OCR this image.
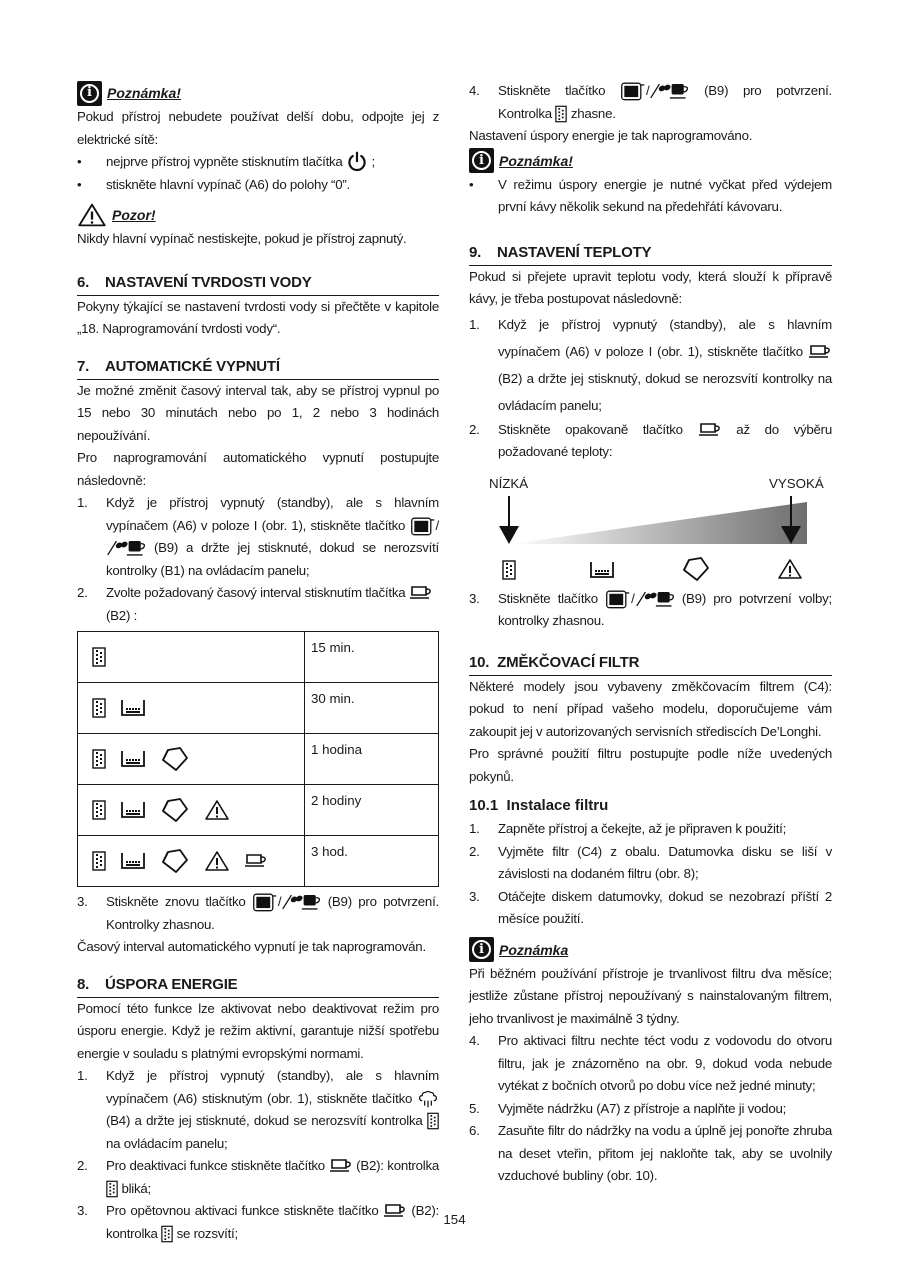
i	Poznámka!
Pokud přístroj nebudete používat delší dobu, odpojte jej z elektrické sítě:
•	nejprve přístroj vypněte stisknutím tlačítka ;
•	stiskněte hlavní vypínač (A6) do polohy “0”.
Pozor!
Nikdy hlavní vypínač nestiskejte, pokud je přístroj zapnutý.
6.    NASTAVENÍ TVRDOSTI VODY
Pokyny týkající se nastavení tvrdosti vody si přečtěte v kapitole „18. Naprogramování tvrdosti vody“.
7.    AUTOMATICKÉ VYPNUTÍ
Je možné změnit časový interval tak, aby se přístroj vypnul po 15 nebo 30 minutách nebo po 1, 2 nebo 3 hodinách nepoužívání.
Pro naprogramování automatického vypnutí postupujte následovně:
1.	Když je přístroj vypnutý (standby), ale s hlavním vypínačem (A6) v poloze I (obr. 1), stiskněte tlačítko / (B9) a držte jej stisknuté, dokud se nerozsvítí kontrolky (B1) na ovládacím panelu;
2.	Zvolte požadovaný časový interval stisknutím tlačítka
(B2) :
	15 min.
	30 min.
	1 hodina
	2 hodiny
	3 hod.
3.	Stiskněte znovu tlačítko /	(B9) pro potvrzení. Kontrolky zhasnou.
Časový interval automatického vypnutí je tak naprogramován.
8.    ÚSPORA ENERGIE
Pomocí této funkce lze aktivovat nebo deaktivovat režim pro úsporu energie. Když je režim aktivní, garantuje nižší spotřebu energie v souladu s platnými evropskými normami.
1.	Když je přístroj vypnutý (standby), ale s hlavním vypínačem (A6) stisknutým (obr. 1), stiskněte tlačítko  (B4) a držte jej stisknuté, dokud se nerozsvítí kontrolka  na ovládacím panelu;
2.	Pro deaktivaci funkce stiskněte tlačítko (B2): kontrolka  bliká;
3.	Pro opětovnou aktivaci funkce stiskněte tlačítko (B2): kontrolka se rozsvítí;
4.	Stiskněte tlačítko	/	(B9) pro potvrzení. Kontrolka zhasne.
Nastavení úspory energie je tak naprogramováno.
i	Poznámka!
•	V režimu úspory energie je nutné vyčkat před výdejem první kávy několik sekund na předehřátí kávovaru.
9.    NASTAVENÍ TEPLOTY
Pokud si přejete upravit teplotu vody, která slouží k přípravě kávy, je třeba postupovat následovně:
1.	Když je přístroj vypnutý (standby), ale s hlavním vypínačem (A6) v poloze I (obr. 1), stiskněte tlačítko  (B2) a držte jej stisknutý, dokud se nerozsvítí kontrolky na ovládacím panelu;
2.	Stiskněte opakovaně tlačítko	až do výběru požadované teploty:
NÍZKÁ	VYSOKÁ
3.	Stiskněte tlačítko	/	(B9) pro potvrzení volby; kontrolky zhasnou.
10.  ZMĚKČOVACÍ FILTR
Některé modely jsou vybaveny změkčovacím filtrem (C4): pokud to není případ vašeho modelu, doporučujeme vám zakoupit jej v autorizovaných servisních střediscích De’Longhi.
Pro správné použití filtru postupujte podle níže uvedených pokynů.
10.1  Instalace filtru
1.	Zapněte přístroj a čekejte, až je připraven k použití;
2.	Vyjměte filtr (C4) z obalu. Datumovka disku se liší v závislosti na dodaném filtru (obr. 8);
3.	Otáčejte diskem datumovky, dokud se nezobrazí příští 2 měsíce použití.
i	Poznámka
Při běžném používání přístroje je trvanlivost filtru dva měsíce; jestliže zůstane přístroj nepoužívaný s nainstalovaným filtrem, jeho trvanlivost je maximálně 3 týdny.
4.	Pro aktivaci filtru nechte téct vodu z vodovodu do otvoru filtru, jak je znázorněno na obr. 9, dokud voda nebude vytékat z bočních otvorů po dobu více než jedné minuty;
5.	Vyjměte nádržku (A7) z přístroje a naplňte ji vodou;
6.	Zasuňte filtr do nádržky na vodu a úplně jej ponořte zhruba na deset vteřin, přitom jej nakloňte tak, aby se uvolnily vzduchové bubliny (obr. 10).
154
